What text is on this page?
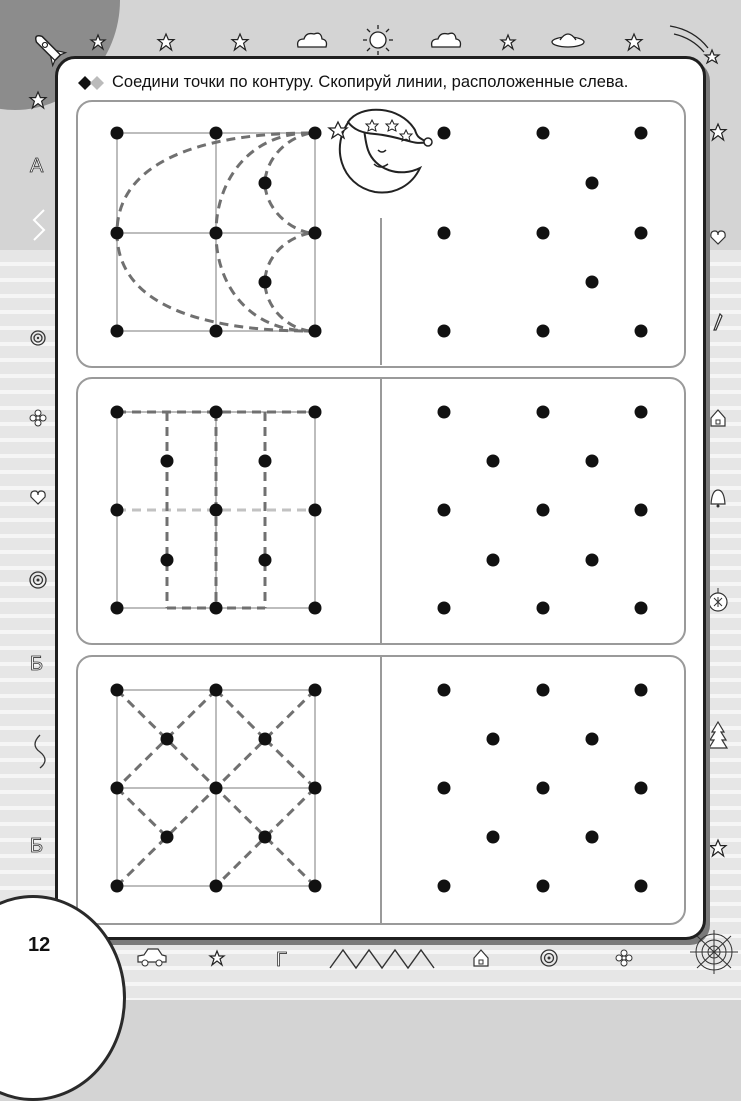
А
Б
Б
Соедини точки по контуру. Скопируй линии, расположенные слева.
12
Г
